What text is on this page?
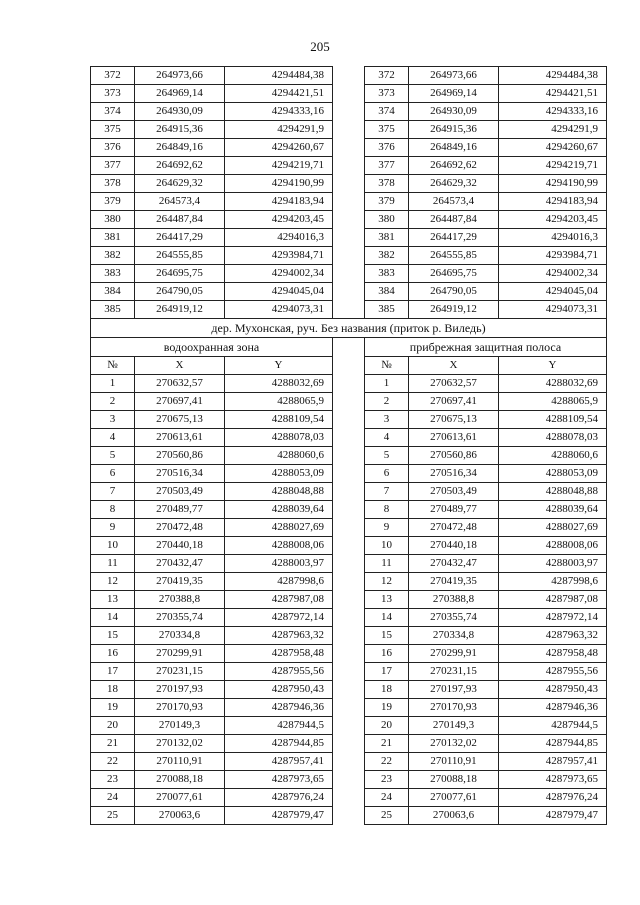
205
372	264973,66	4294484,38		372	264973,66	4294484,38
373	264969,14	4294421,51		373	264969,14	4294421,51
374	264930,09	4294333,16		374	264930,09	4294333,16
375	264915,36	4294291,9		375	264915,36	4294291,9
376	264849,16	4294260,67		376	264849,16	4294260,67
377	264692,62	4294219,71		377	264692,62	4294219,71
378	264629,32	4294190,99		378	264629,32	4294190,99
379	264573,4	4294183,94		379	264573,4	4294183,94
380	264487,84	4294203,45		380	264487,84	4294203,45
381	264417,29	4294016,3		381	264417,29	4294016,3
382	264555,85	4293984,71		382	264555,85	4293984,71
383	264695,75	4294002,34		383	264695,75	4294002,34
384	264790,05	4294045,04		384	264790,05	4294045,04
385	264919,12	4294073,31		385	264919,12	4294073,31
дер. Мухонская, руч. Без названия (приток р. Виледь)						
водоохранная зона				прибрежная защитная полоса		
№	X	Y		№	X	Y
1	270632,57	4288032,69		1	270632,57	4288032,69
2	270697,41	4288065,9		2	270697,41	4288065,9
3	270675,13	4288109,54		3	270675,13	4288109,54
4	270613,61	4288078,03		4	270613,61	4288078,03
5	270560,86	4288060,6		5	270560,86	4288060,6
6	270516,34	4288053,09		6	270516,34	4288053,09
7	270503,49	4288048,88		7	270503,49	4288048,88
8	270489,77	4288039,64		8	270489,77	4288039,64
9	270472,48	4288027,69		9	270472,48	4288027,69
10	270440,18	4288008,06		10	270440,18	4288008,06
11	270432,47	4288003,97		11	270432,47	4288003,97
12	270419,35	4287998,6		12	270419,35	4287998,6
13	270388,8	4287987,08		13	270388,8	4287987,08
14	270355,74	4287972,14		14	270355,74	4287972,14
15	270334,8	4287963,32		15	270334,8	4287963,32
16	270299,91	4287958,48		16	270299,91	4287958,48
17	270231,15	4287955,56		17	270231,15	4287955,56
18	270197,93	4287950,43		18	270197,93	4287950,43
19	270170,93	4287946,36		19	270170,93	4287946,36
20	270149,3	4287944,5		20	270149,3	4287944,5
21	270132,02	4287944,85		21	270132,02	4287944,85
22	270110,91	4287957,41		22	270110,91	4287957,41
23	270088,18	4287973,65		23	270088,18	4287973,65
24	270077,61	4287976,24		24	270077,61	4287976,24
25	270063,6	4287979,47		25	270063,6	4287979,47
